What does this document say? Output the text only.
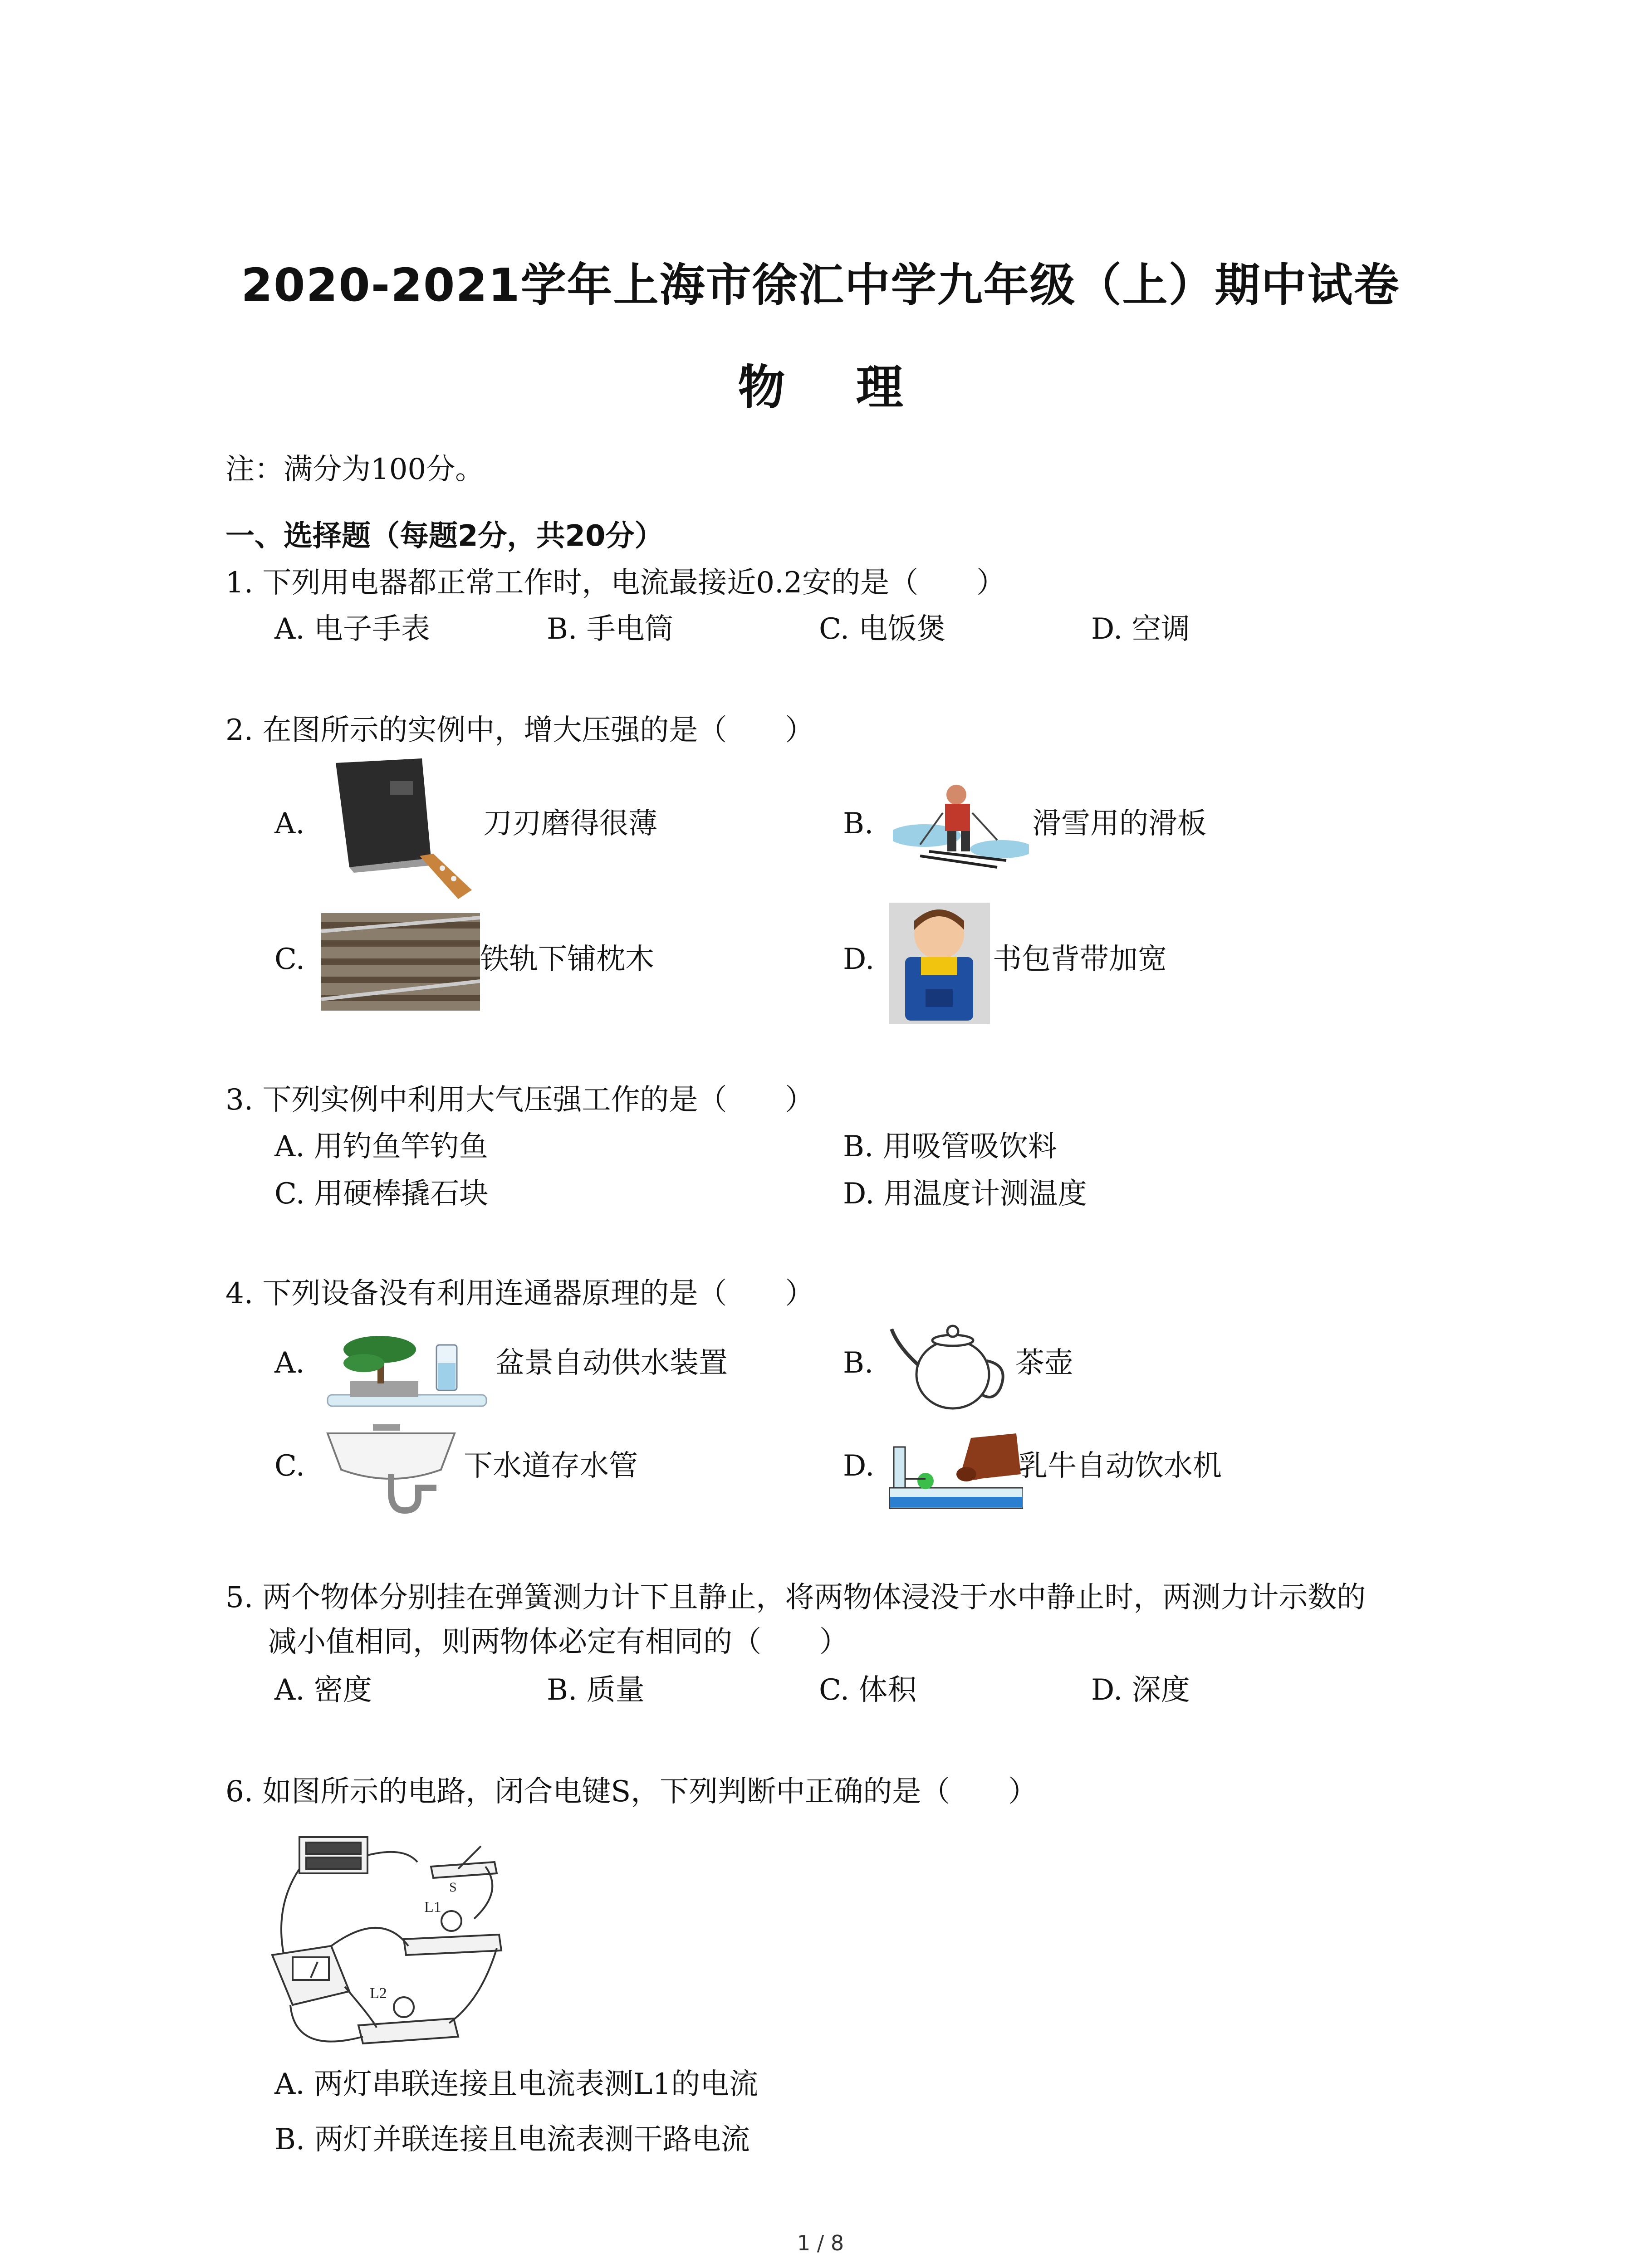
2020-2021学年上海市徐汇中学九年级（上）期中试卷
物 理
注：满分为100分。
一、选择题（每题2分，共20分）
1. 下列用电器都正常工作时，电流最接近0.2安的是（　　）
A. 电子手表	B. 手电筒	C. 电饭煲	D. 空调
2. 在图所示的实例中，增大压强的是（　　）
A.	刀刃磨得很薄	B.	滑雪用的滑板
C.	铁轨下铺枕木	D.	书包背带加宽
3. 下列实例中利用大气压强工作的是（　　）
A. 用钓鱼竿钓鱼	B. 用吸管吸饮料
C. 用硬棒撬石块	D. 用温度计测温度
4. 下列设备没有利用连通器原理的是（　　）
A.	盆景自动供水装置	B.	茶壶
C.	下水道存水管	D.	乳牛自动饮水机
5. 两个物体分别挂在弹簧测力计下且静止，将两物体浸没于水中静止时，两测力计示数的
减小值相同，则两物体必定有相同的（　　）
A. 密度	B. 质量	C. 体积	D. 深度
6. 如图所示的电路，闭合电键S，下列判断中正确的是（　　）
L1
L2
S
A. 两灯串联连接且电流表测L1的电流
B. 两灯并联连接且电流表测干路电流
1 / 8
